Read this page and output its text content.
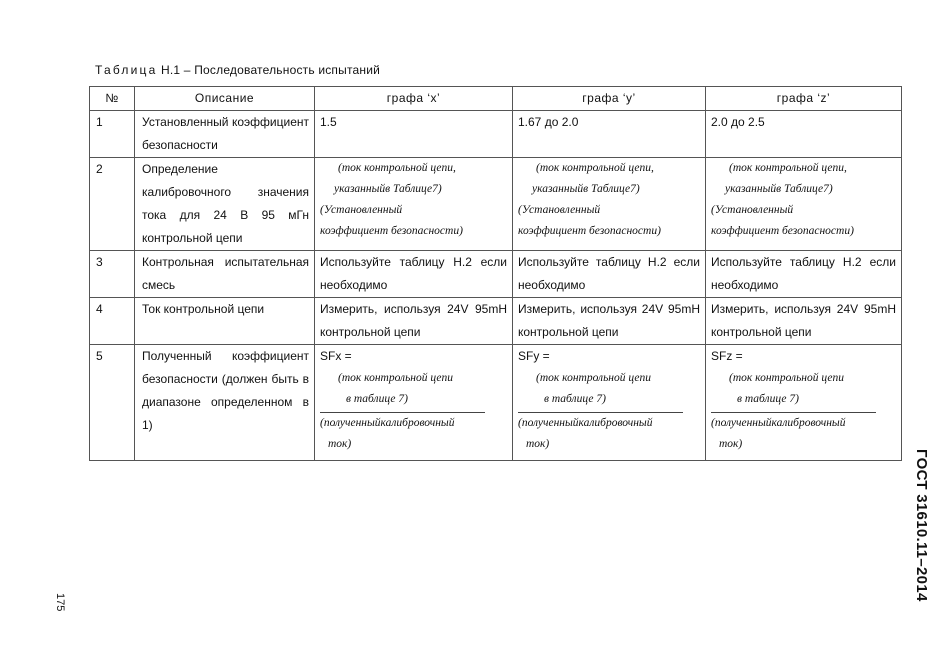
Таблица H.1 – Последовательность испытаний
№	Описание	графа ‘x’	графа ‘y’	графа ‘z’
1	Установленный коэффициент безопасности	1.5	1.67 до 2.0	2.0 до 2.5
2	Определение калибровочного значения тока для 24 В 95 мГн контрольной цепи	(ток контрольной цепи,
указанныйв Таблице7)
(Установленный
коэффициент безопасности)	(ток контрольной цепи,
указанныйв Таблице7)
(Установленный
коэффициент безопасности)	(ток контрольной цепи,
указанныйв Таблице7)
(Установленный
коэффициент безопасности)

3	Контрольная испытательная смесь	Используйте таблицу H.2 если необходимо	Используйте таблицу H.2 если необходимо	Используйте таблицу H.2 если необходимо
4	Ток контрольной цепи	Измерить, используя 24V 95mH контрольной цепи	Измерить, используя 24V 95mH контрольной цепи	Измерить, используя 24V 95mH контрольной цепи
5	Полученный коэффициент безопасности (должен быть в диапазоне определенном в 1)	SFx =
(ток контрольной цепи
в таблице 7)
(полученныйкалибровочный
ток)	SFy =
(ток контрольной цепи
в таблице 7)
(полученныйкалибровочный
ток)	SFz =
(ток контрольной цепи
в таблице 7)
(полученныйкалибровочный
ток)
ГОСТ 31610.11–2014
175
